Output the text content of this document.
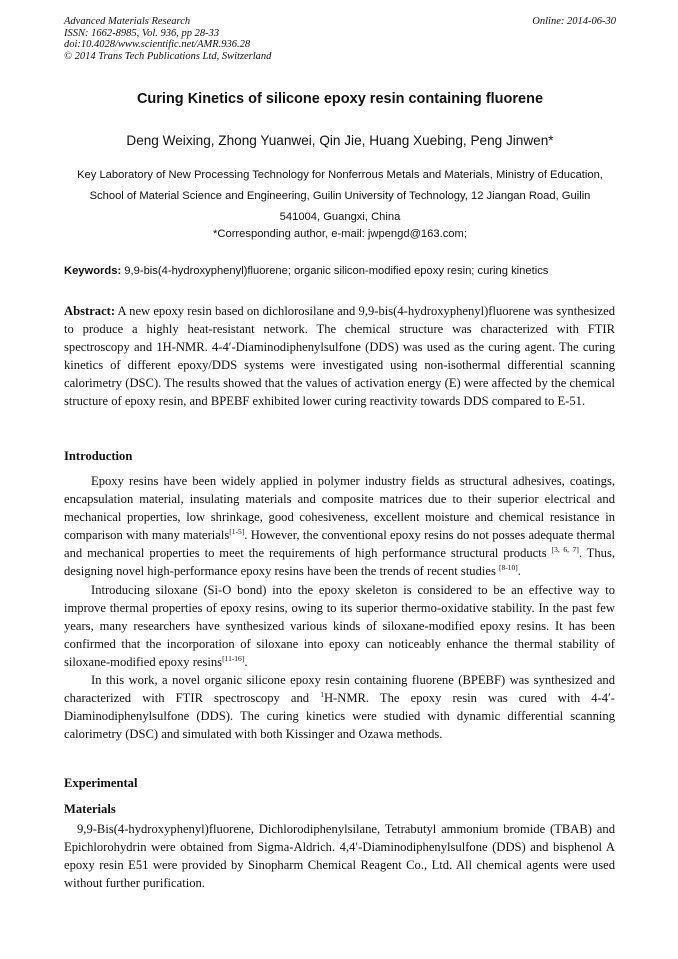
Advanced Materials Research
ISSN: 1662-8985, Vol. 936, pp 28-33
doi:10.4028/www.scientific.net/AMR.936.28
© 2014 Trans Tech Publications Ltd, Switzerland
Online: 2014-06-30
Curing Kinetics of silicone epoxy resin containing fluorene
Deng Weixing, Zhong Yuanwei, Qin Jie, Huang Xuebing, Peng Jinwen*
Key Laboratory of New Processing Technology for Nonferrous Metals and Materials, Ministry of Education, School of Material Science and Engineering, Guilin University of Technology, 12 Jiangan Road, Guilin 541004, Guangxi, China
*Corresponding author, e-mail: jwpengd@163.com;
Keywords: 9,9-bis(4-hydroxyphenyl)fluorene; organic silicon-modified epoxy resin; curing kinetics

Abstract: A new epoxy resin based on dichlorosilane and 9,9-bis(4-hydroxyphenyl)fluorene was synthesized to produce a highly heat-resistant network. The chemical structure was characterized with FTIR spectroscopy and 1H-NMR. 4-4′-Diaminodiphenylsulfone (DDS) was used as the curing agent. The curing kinetics of different epoxy/DDS systems were investigated using non-isothermal differential scanning calorimetry (DSC). The results showed that the values of activation energy (E) were affected by the chemical structure of epoxy resin, and BPEBF exhibited lower curing reactivity towards DDS compared to E-51.

Introduction

Epoxy resins have been widely applied in polymer industry fields as structural adhesives, coatings, encapsulation material, insulating materials and composite matrices due to their superior electrical and mechanical properties, low shrinkage, good cohesiveness, excellent moisture and chemical resistance in comparison with many materials[1-5]. However, the conventional epoxy resins do not posses adequate thermal and mechanical properties to meet the requirements of high performance structural products [3, 6, 7]. Thus, designing novel high-performance epoxy resins have been the trends of recent studies [8-10].

Introducing siloxane (Si-O bond) into the epoxy skeleton is considered to be an effective way to improve thermal properties of epoxy resins, owing to its superior thermo-oxidative stability. In the past few years, many researchers have synthesized various kinds of siloxane-modified epoxy resins. It has been confirmed that the incorporation of siloxane into epoxy can noticeably enhance the thermal stability of siloxane-modified epoxy resins[11-16].

In this work, a novel organic silicone epoxy resin containing fluorene (BPEBF) was synthesized and characterized with FTIR spectroscopy and $^1$H-NMR. The epoxy resin was cured with 4-4′-Diaminodiphenylsulfone (DDS). The curing kinetics were studied with dynamic differential scanning calorimetry (DSC) and simulated with both Kissinger and Ozawa methods.

Experimental
Materials

9,9-Bis(4-hydroxyphenyl)fluorene, Dichlorodiphenylsilane, Tetrabutyl ammonium bromide (TBAB) and Epichlorohydrin were obtained from Sigma-Aldrich. 4,4′-Diaminodiphenylsulfone (DDS) and bisphenol A epoxy resin E51 were provided by Sinopharm Chemical Reagent Co., Ltd. All chemical agents were used without further purification.
